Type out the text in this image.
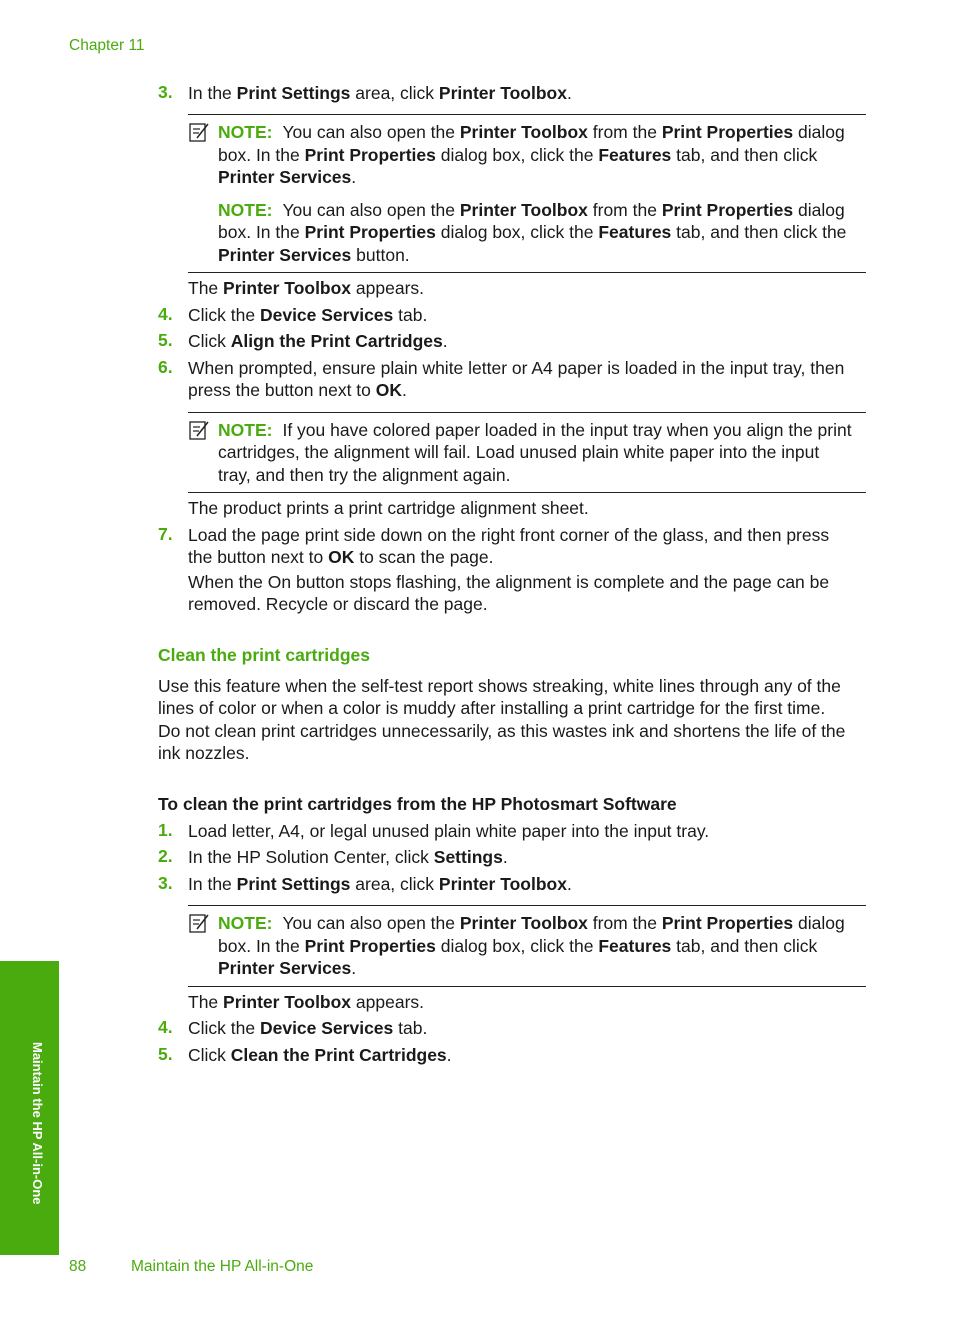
Chapter 11
3. In the Print Settings area, click Printer Toolbox.
NOTE: You can also open the Printer Toolbox from the Print Properties dialog
box. In the Print Properties dialog box, click the Features tab, and then click
Printer Services.
NOTE: You can also open the Printer Toolbox from the Print Properties dialog
box. In the Print Properties dialog box, click the Features tab, and then click the
Printer Services button.
The Printer Toolbox appears.
4. Click the Device Services tab.
5. Click Align the Print Cartridges.
6. When prompted, ensure plain white letter or A4 paper is loaded in the input tray, then
press the button next to OK.
NOTE: If you have colored paper loaded in the input tray when you align the print
cartridges, the alignment will fail. Load unused plain white paper into the input
tray, and then try the alignment again.
The product prints a print cartridge alignment sheet.
7. Load the page print side down on the right front corner of the glass, and then press
the button next to OK to scan the page.
When the On button stops flashing, the alignment is complete and the page can be
removed. Recycle or discard the page.
Clean the print cartridges
Use this feature when the self-test report shows streaking, white lines through any of the
lines of color or when a color is muddy after installing a print cartridge for the first time.
Do not clean print cartridges unnecessarily, as this wastes ink and shortens the life of the
ink nozzles.
To clean the print cartridges from the HP Photosmart Software
1. Load letter, A4, or legal unused plain white paper into the input tray.
2. In the HP Solution Center, click Settings.
3. In the Print Settings area, click Printer Toolbox.
NOTE: You can also open the Printer Toolbox from the Print Properties dialog
box. In the Print Properties dialog box, click the Features tab, and then click
Printer Services.
The Printer Toolbox appears.
4. Click the Device Services tab.
5. Click Clean the Print Cartridges.
Maintain the HP All-in-One
88	Maintain the HP All-in-One
